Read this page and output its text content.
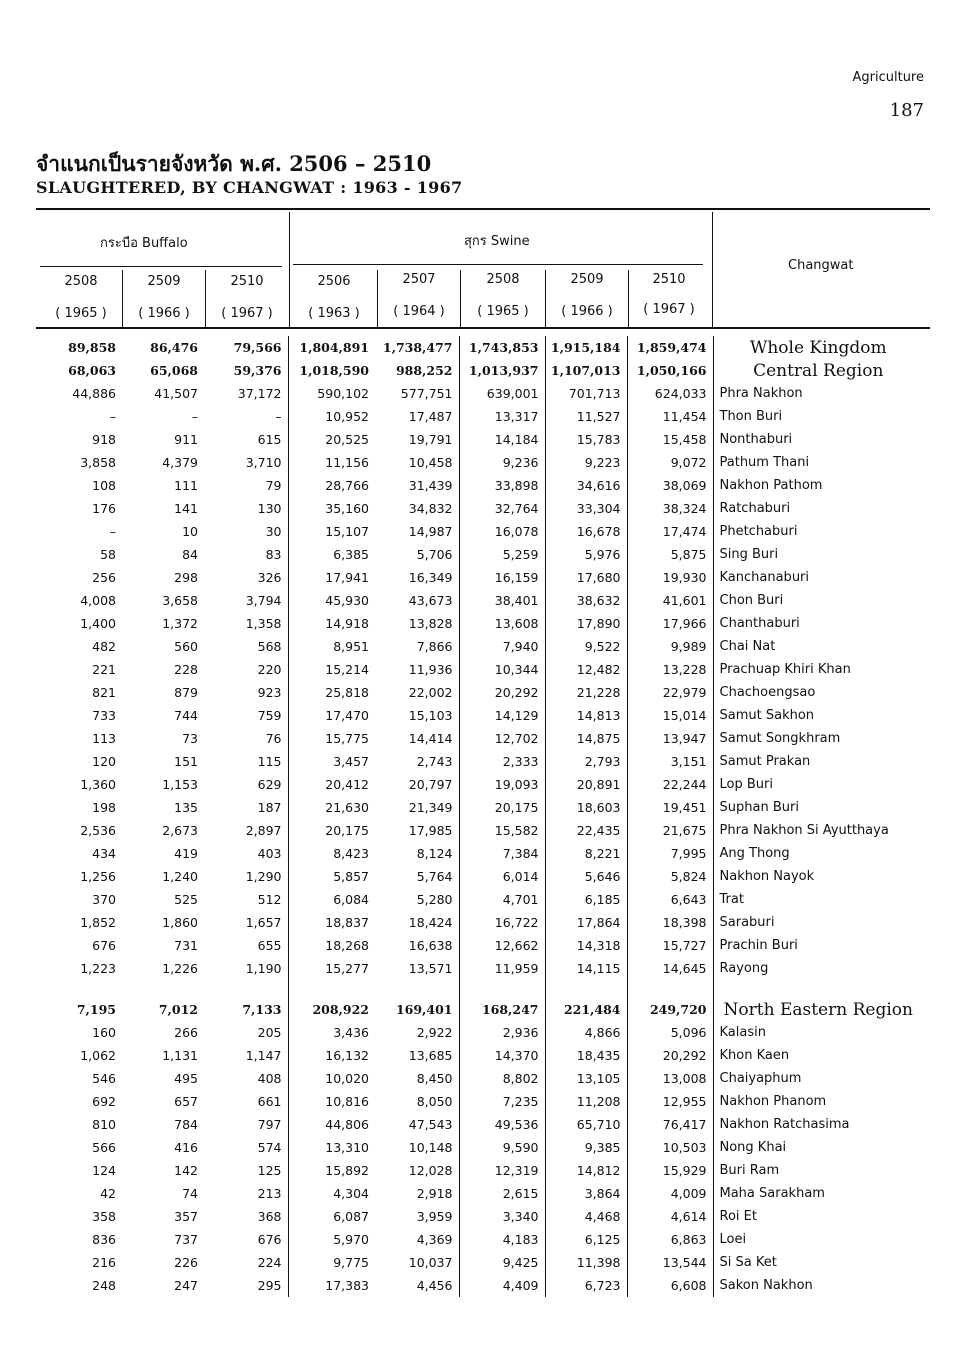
Agriculture
187
จำแนกเป็นรายจังหวัด พ.ศ. 2506 – 2510
SLAUGHTERED, BY CHANGWAT : 1963 - 1967
กระบือ Buffalo	สุกร Swine
Changwat
2508	2509	2510	2506	2507	2508	2509	2510
( 1965 )	( 1966 )	( 1967 )	( 1963 )	( 1964 )	( 1965 )	( 1966 )	( 1967 )
89,858	86,476	79,566	1,804,891	1,738,477	1,743,853	1,915,184	1,859,474	Whole Kingdom
68,063	65,068	59,376	1,018,590	988,252	1,013,937	1,107,013	1,050,166	Central Region
44,886	41,507	37,172	590,102	577,751	639,001	701,713	624,033	Phra Nakhon
–	–	–	10,952	17,487	13,317	11,527	11,454	Thon Buri
918	911	615	20,525	19,791	14,184	15,783	15,458	Nonthaburi
3,858	4,379	3,710	11,156	10,458	9,236	9,223	9,072	Pathum Thani
108	111	79	28,766	31,439	33,898	34,616	38,069	Nakhon Pathom
176	141	130	35,160	34,832	32,764	33,304	38,324	Ratchaburi
–	10	30	15,107	14,987	16,078	16,678	17,474	Phetchaburi
58	84	83	6,385	5,706	5,259	5,976	5,875	Sing Buri
256	298	326	17,941	16,349	16,159	17,680	19,930	Kanchanaburi
4,008	3,658	3,794	45,930	43,673	38,401	38,632	41,601	Chon Buri
1,400	1,372	1,358	14,918	13,828	13,608	17,890	17,966	Chanthaburi
482	560	568	8,951	7,866	7,940	9,522	9,989	Chai Nat
221	228	220	15,214	11,936	10,344	12,482	13,228	Prachuap Khiri Khan
821	879	923	25,818	22,002	20,292	21,228	22,979	Chachoengsao
733	744	759	17,470	15,103	14,129	14,813	15,014	Samut Sakhon
113	73	76	15,775	14,414	12,702	14,875	13,947	Samut Songkhram
120	151	115	3,457	2,743	2,333	2,793	3,151	Samut Prakan
1,360	1,153	629	20,412	20,797	19,093	20,891	22,244	Lop Buri
198	135	187	21,630	21,349	20,175	18,603	19,451	Suphan Buri
2,536	2,673	2,897	20,175	17,985	15,582	22,435	21,675	Phra Nakhon Si Ayutthaya
434	419	403	8,423	8,124	7,384	8,221	7,995	Ang Thong
1,256	1,240	1,290	5,857	5,764	6,014	5,646	5,824	Nakhon Nayok
370	525	512	6,084	5,280	4,701	6,185	6,643	Trat
1,852	1,860	1,657	18,837	18,424	16,722	17,864	18,398	Saraburi
676	731	655	18,268	16,638	12,662	14,318	15,727	Prachin Buri
1,223	1,226	1,190	15,277	13,571	11,959	14,115	14,645	Rayong

7,195	7,012	7,133	208,922	169,401	168,247	221,484	249,720	North Eastern Region
160	266	205	3,436	2,922	2,936	4,866	5,096	Kalasin
1,062	1,131	1,147	16,132	13,685	14,370	18,435	20,292	Khon Kaen
546	495	408	10,020	8,450	8,802	13,105	13,008	Chaiyaphum
692	657	661	10,816	8,050	7,235	11,208	12,955	Nakhon Phanom
810	784	797	44,806	47,543	49,536	65,710	76,417	Nakhon Ratchasima
566	416	574	13,310	10,148	9,590	9,385	10,503	Nong Khai
124	142	125	15,892	12,028	12,319	14,812	15,929	Buri Ram
42	74	213	4,304	2,918	2,615	3,864	4,009	Maha Sarakham
358	357	368	6,087	3,959	3,340	4,468	4,614	Roi Et
836	737	676	5,970	4,369	4,183	6,125	6,863	Loei
216	226	224	9,775	10,037	9,425	11,398	13,544	Si Sa Ket
248	247	295	17,383	4,456	4,409	6,723	6,608	Sakon Nakhon
